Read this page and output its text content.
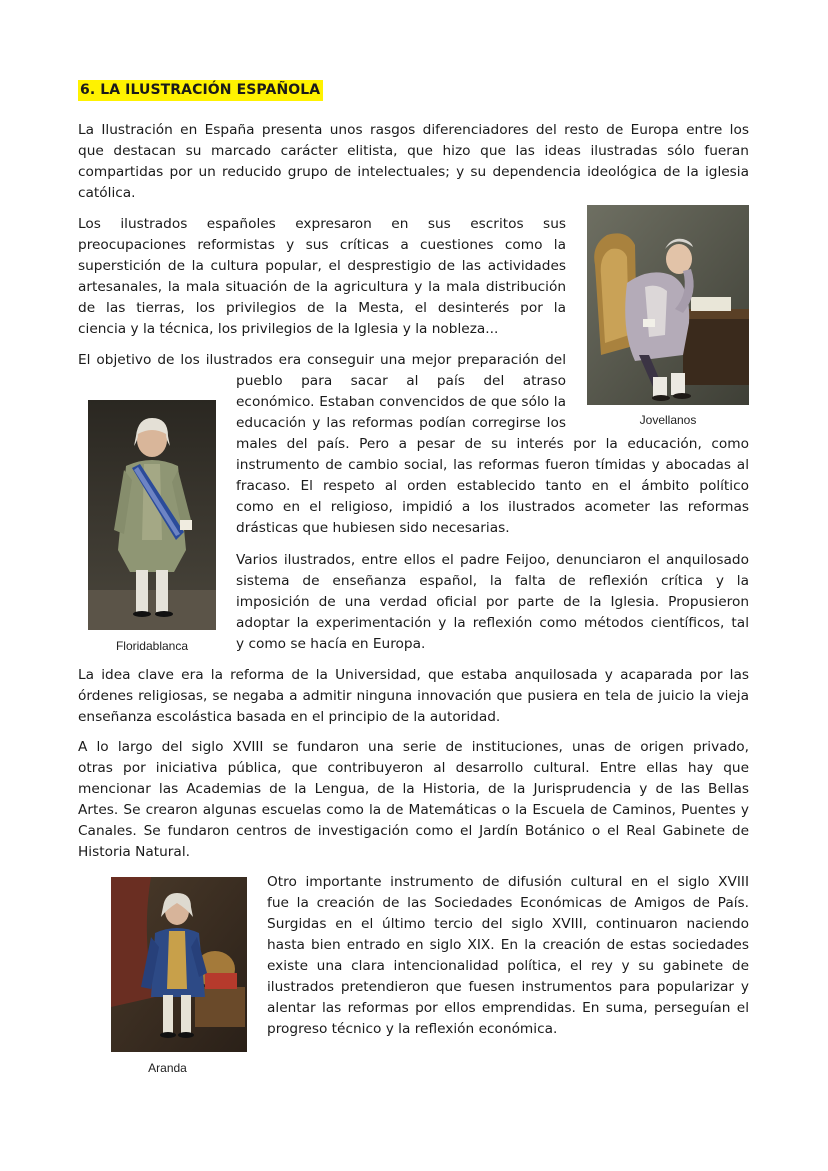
6. LA ILUSTRACIÓN ESPAÑOLA
La Ilustración en España presenta unos rasgos diferenciadores del resto de Europa entre los
que destacan su marcado carácter elitista, que hizo que las ideas ilustradas sólo fueran
compartidas por un reducido grupo de intelectuales; y su dependencia ideológica de la iglesia
católica.
Los ilustrados españoles expresaron en sus escritos sus
preocupaciones reformistas y sus críticas a cuestiones como la
superstición de la cultura popular, el desprestigio de las actividades
artesanales, la mala situación de la agricultura y la mala distribución
de las tierras, los privilegios de la Mesta, el desinterés por la
ciencia y la técnica, los privilegios de la Iglesia y la nobleza...
El objetivo de los ilustrados era conseguir una mejor preparación del
pueblo para sacar al país del atraso
económico. Estaban convencidos de que sólo la
educación y las reformas podían corregirse los
males del país. Pero a pesar de su interés por la educación, como
instrumento de cambio social, las reformas fueron tímidas y abocadas al
fracaso. El respeto al orden establecido tanto en el ámbito político
como en el religioso, impidió a los ilustrados acometer las reformas
drásticas que hubiesen sido necesarias.
Varios ilustrados, entre ellos el padre Feijoo, denunciaron el anquilosado
sistema de enseñanza español, la falta de reflexión crítica y la
imposición de una verdad oficial por parte de la Iglesia. Propusieron
adoptar la experimentación y la reflexión como métodos científicos, tal
y como se hacía en Europa.
La idea clave era la reforma de la Universidad, que estaba anquilosada y acaparada por las
órdenes religiosas, se negaba a admitir ninguna innovación que pusiera en tela de juicio la vieja
enseñanza escolástica basada en el principio de la autoridad.
A lo largo del siglo XVIII se fundaron una serie de instituciones, unas de origen privado,
otras por iniciativa pública, que contribuyeron al desarrollo cultural. Entre ellas hay que
mencionar las Academias de la Lengua, de la Historia, de la Jurisprudencia y de las Bellas
Artes. Se crearon algunas escuelas como la de Matemáticas o la Escuela de Caminos, Puentes y
Canales. Se fundaron centros de investigación como el Jardín Botánico o el Real Gabinete de
Historia Natural.
Otro importante instrumento de difusión cultural en el siglo XVIII
fue la creación de las Sociedades Económicas de Amigos de País.
Surgidas en el último tercio del siglo XVIII, continuaron naciendo
hasta bien entrado en siglo XIX. En la creación de estas sociedades
existe una clara intencionalidad política, el rey y su gabinete de
ilustrados pretendieron que fuesen instrumentos para popularizar y
alentar las reformas por ellos emprendidas. En suma, perseguían el
progreso técnico y la reflexión económica.
Jovellanos
Floridablanca
Aranda
